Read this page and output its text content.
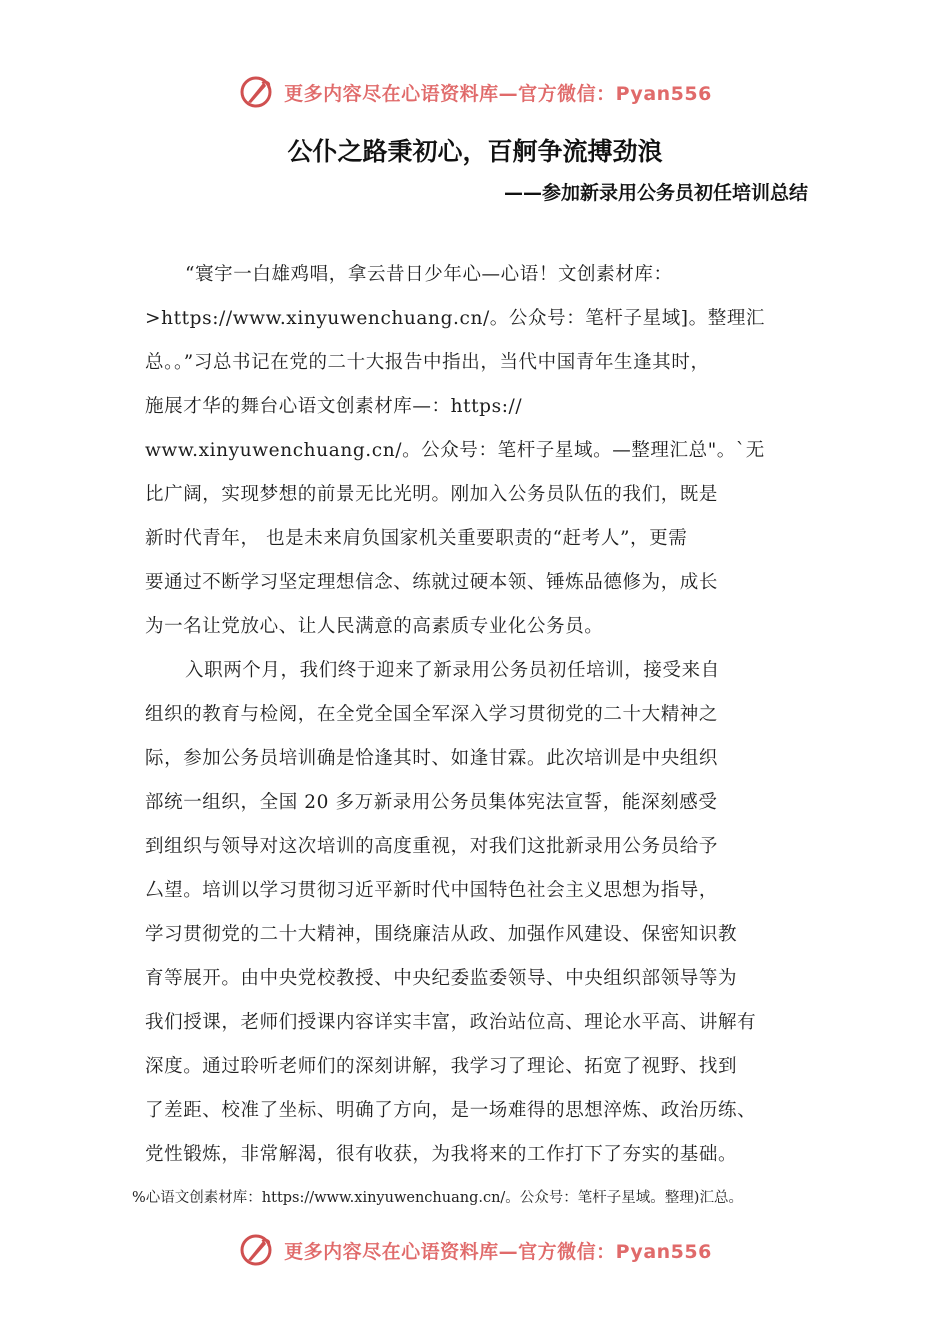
更多内容尽在心语资料库—官方微信：Pyan556
公仆之路秉初心，百舸争流搏劲浪
——参加新录用公务员初任培训总结
“寰宇一白雄鸡唱，拿云昔日少年心—心语！文创素材库：
>https://www.xinyuwenchuang.cn/。公众号：笔杆子星域]。整理汇
总。。”习总书记在党的二十大报告中指出，当代中国青年生逢其时，
施展才华的舞台心语文创素材库—：https://
www.xinyuwenchuang.cn/。公众号：笔杆子星域。—整理汇总"。`无
比广阔，实现梦想的前景无比光明。刚加入公务员队伍的我们，既是
新时代青年， 也是未来肩负国家机关重要职责的“赶考人”，更需
要通过不断学习坚定理想信念、练就过硬本领、锤炼品德修为，成长
为一名让党放心、让人民满意的高素质专业化公务员。
入职两个月，我们终于迎来了新录用公务员初任培训，接受来自
组织的教育与检阅，在全党全国全军深入学习贯彻党的二十大精神之
际，参加公务员培训确是恰逢其时、如逢甘霖。此次培训是中央组织
部统一组织，全国 20 多万新录用公务员集体宪法宣誓，能深刻感受
到组织与领导对这次培训的高度重视，对我们这批新录用公务员给予
厶望。培训以学习贯彻习近平新时代中国特色社会主义思想为指导，
学习贯彻党的二十大精神，围绕廉洁从政、加强作风建设、保密知识教
育等展开。由中央党校教授、中央纪委监委领导、中央组织部领导等为
我们授课，老师们授课内容详实丰富，政治站位高、理论水平高、讲解有
深度。通过聆听老师们的深刻讲解，我学习了理论、拓宽了视野、找到
了差距、校准了坐标、明确了方向，是一场难得的思想淬炼、政治历练、
党性锻炼，非常解渴，很有收获，为我将来的工作打下了夯实的基础。
%心语文创素材库：https://www.xinyuwenchuang.cn/。公众号：笔杆子星域。整理)汇总。
更多内容尽在心语资料库—官方微信：Pyan556
